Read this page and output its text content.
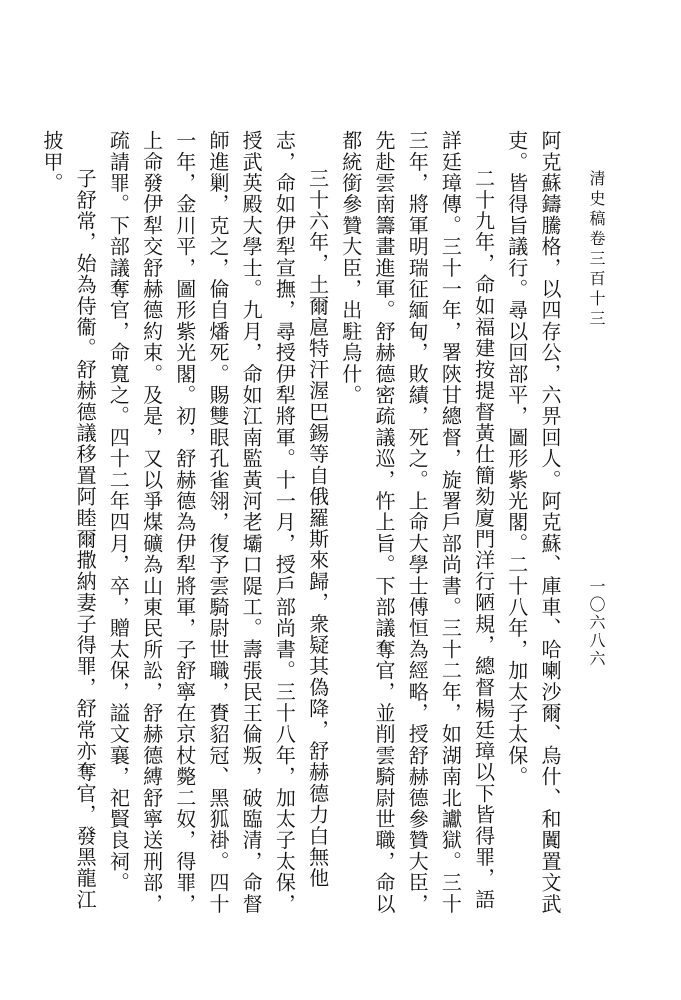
清史稿卷三百十三
一〇六八六

阿克蘇鑄騰格，以四存公，六畀回人。阿克蘇、庫車、哈喇沙爾、烏什、和闐置文武吏。皆得旨議行。尋以回部平，圖形紫光閣。二十八年，加太子太保。

二十九年，命如福建按提督黃仕簡劾廈門洋行陋規，總督楊廷璋以下皆得罪，語詳廷璋傳。三十一年，署陝甘總督，旋署戶部尚書。三十二年，如湖南北讞獄。三十三年，將軍明瑞征緬甸，敗績，死之。上命大學士傅恒為經略，授舒赫德參贊大臣，先赴雲南籌畫進軍。舒赫德密疏議巡，忤上旨。下部議奪官，並削雲騎尉世職，命以都統銜參贊大臣，出駐烏什。

三十六年，土爾扈特汗渥巴錫等自俄羅斯來歸，衆疑其偽降，舒赫德力白無他志，命如伊犁宣撫，尋授伊犁將軍。十一月，授戶部尚書。三十八年，加太子太保，授武英殿大學士。九月，命如江南監黃河老壩口隄工。壽張民王倫叛，破臨清，命督師進剿，克之，倫自燔死。賜雙眼孔雀翎，復予雲騎尉世職，賚貂冠、黑狐褂。四十一年，金川平，圖形紫光閣。初，舒赫德為伊犁將軍，子舒寧在京杖斃二奴，得罪，上命發伊犁交舒赫德約束。及是，又以爭煤礦為山東民所訟，舒赫德縛舒寧送刑部，疏請罪。下部議奪官，命寬之。四十二年四月，卒，贈太保，謚文襄，祀賢良祠。

子舒常，始為侍衞。舒赫德議移置阿睦爾撒納妻子得罪，舒常亦奪官，發黑龍江披甲。
